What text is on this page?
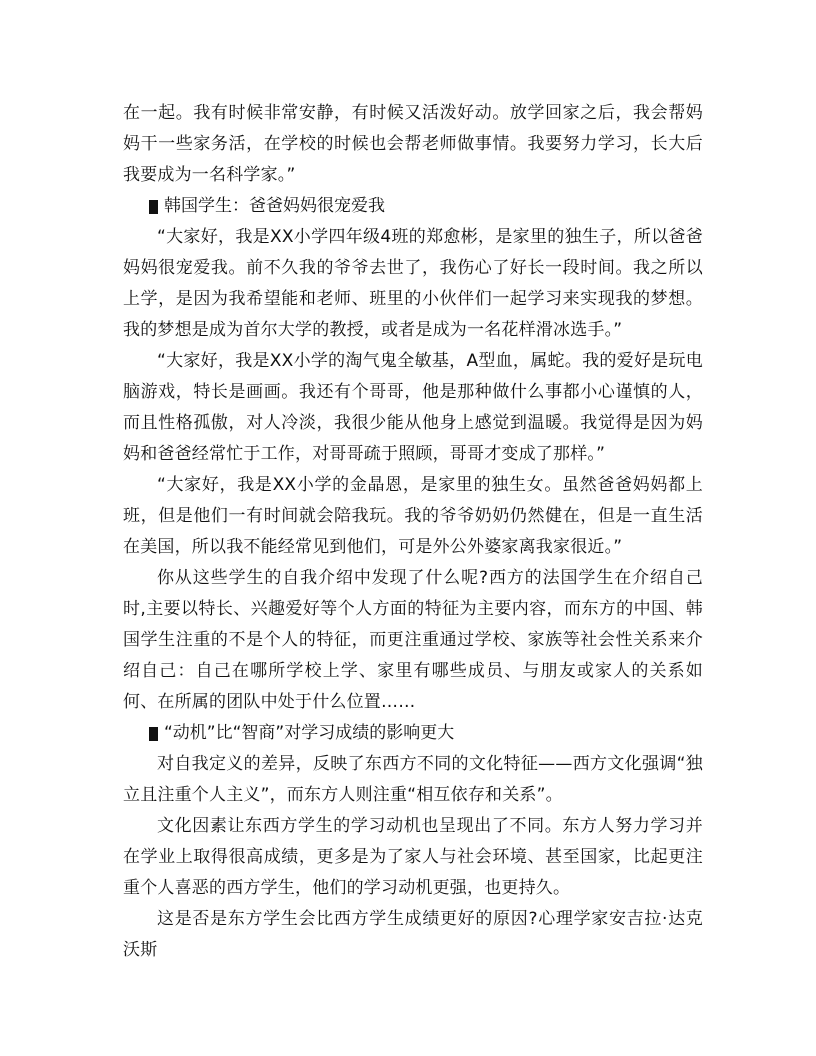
在一起。我有时候非常安静，有时候又活泼好动。放学回家之后，我会帮妈妈干一些家务活，在学校的时候也会帮老师做事情。我要努力学习，长大后我要成为一名科学家。”

韩国学生：爸爸妈妈很宠爱我

“大家好，我是XX小学四年级4班的郑愈彬，是家里的独生子，所以爸爸妈妈很宠爱我。前不久我的爷爷去世了，我伤心了好长一段时间。我之所以上学，是因为我希望能和老师、班里的小伙伴们一起学习来实现我的梦想。我的梦想是成为首尔大学的教授，或者是成为一名花样滑冰选手。”

“大家好，我是XX小学的淘气鬼全敏基，A型血，属蛇。我的爱好是玩电脑游戏，特长是画画。我还有个哥哥，他是那种做什么事都小心谨慎的人，而且性格孤傲，对人冷淡，我很少能从他身上感觉到温暖。我觉得是因为妈妈和爸爸经常忙于工作，对哥哥疏于照顾，哥哥才变成了那样。”

“大家好，我是XX小学的金晶恩，是家里的独生女。虽然爸爸妈妈都上班，但是他们一有时间就会陪我玩。我的爷爷奶奶仍然健在，但是一直生活在美国，所以我不能经常见到他们，可是外公外婆家离我家很近。”

你从这些学生的自我介绍中发现了什么呢?西方的法国学生在介绍自己时,主要以特长、兴趣爱好等个人方面的特征为主要内容，而东方的中国、韩国学生注重的不是个人的特征，而更注重通过学校、家族等社会性关系来介绍自己：自己在哪所学校上学、家里有哪些成员、与朋友或家人的关系如何、在所属的团队中处于什么位置……

“动机”比“智商”对学习成绩的影响更大

对自我定义的差异，反映了东西方不同的文化特征——西方文化强调“独立且注重个人主义”，而东方人则注重“相互依存和关系”。

文化因素让东西方学生的学习动机也呈现出了不同。东方人努力学习并在学业上取得很高成绩，更多是为了家人与社会环境、甚至国家，比起更注重个人喜恶的西方学生，他们的学习动机更强，也更持久。

这是否是东方学生会比西方学生成绩更好的原因?心理学家安吉拉·达克沃斯
